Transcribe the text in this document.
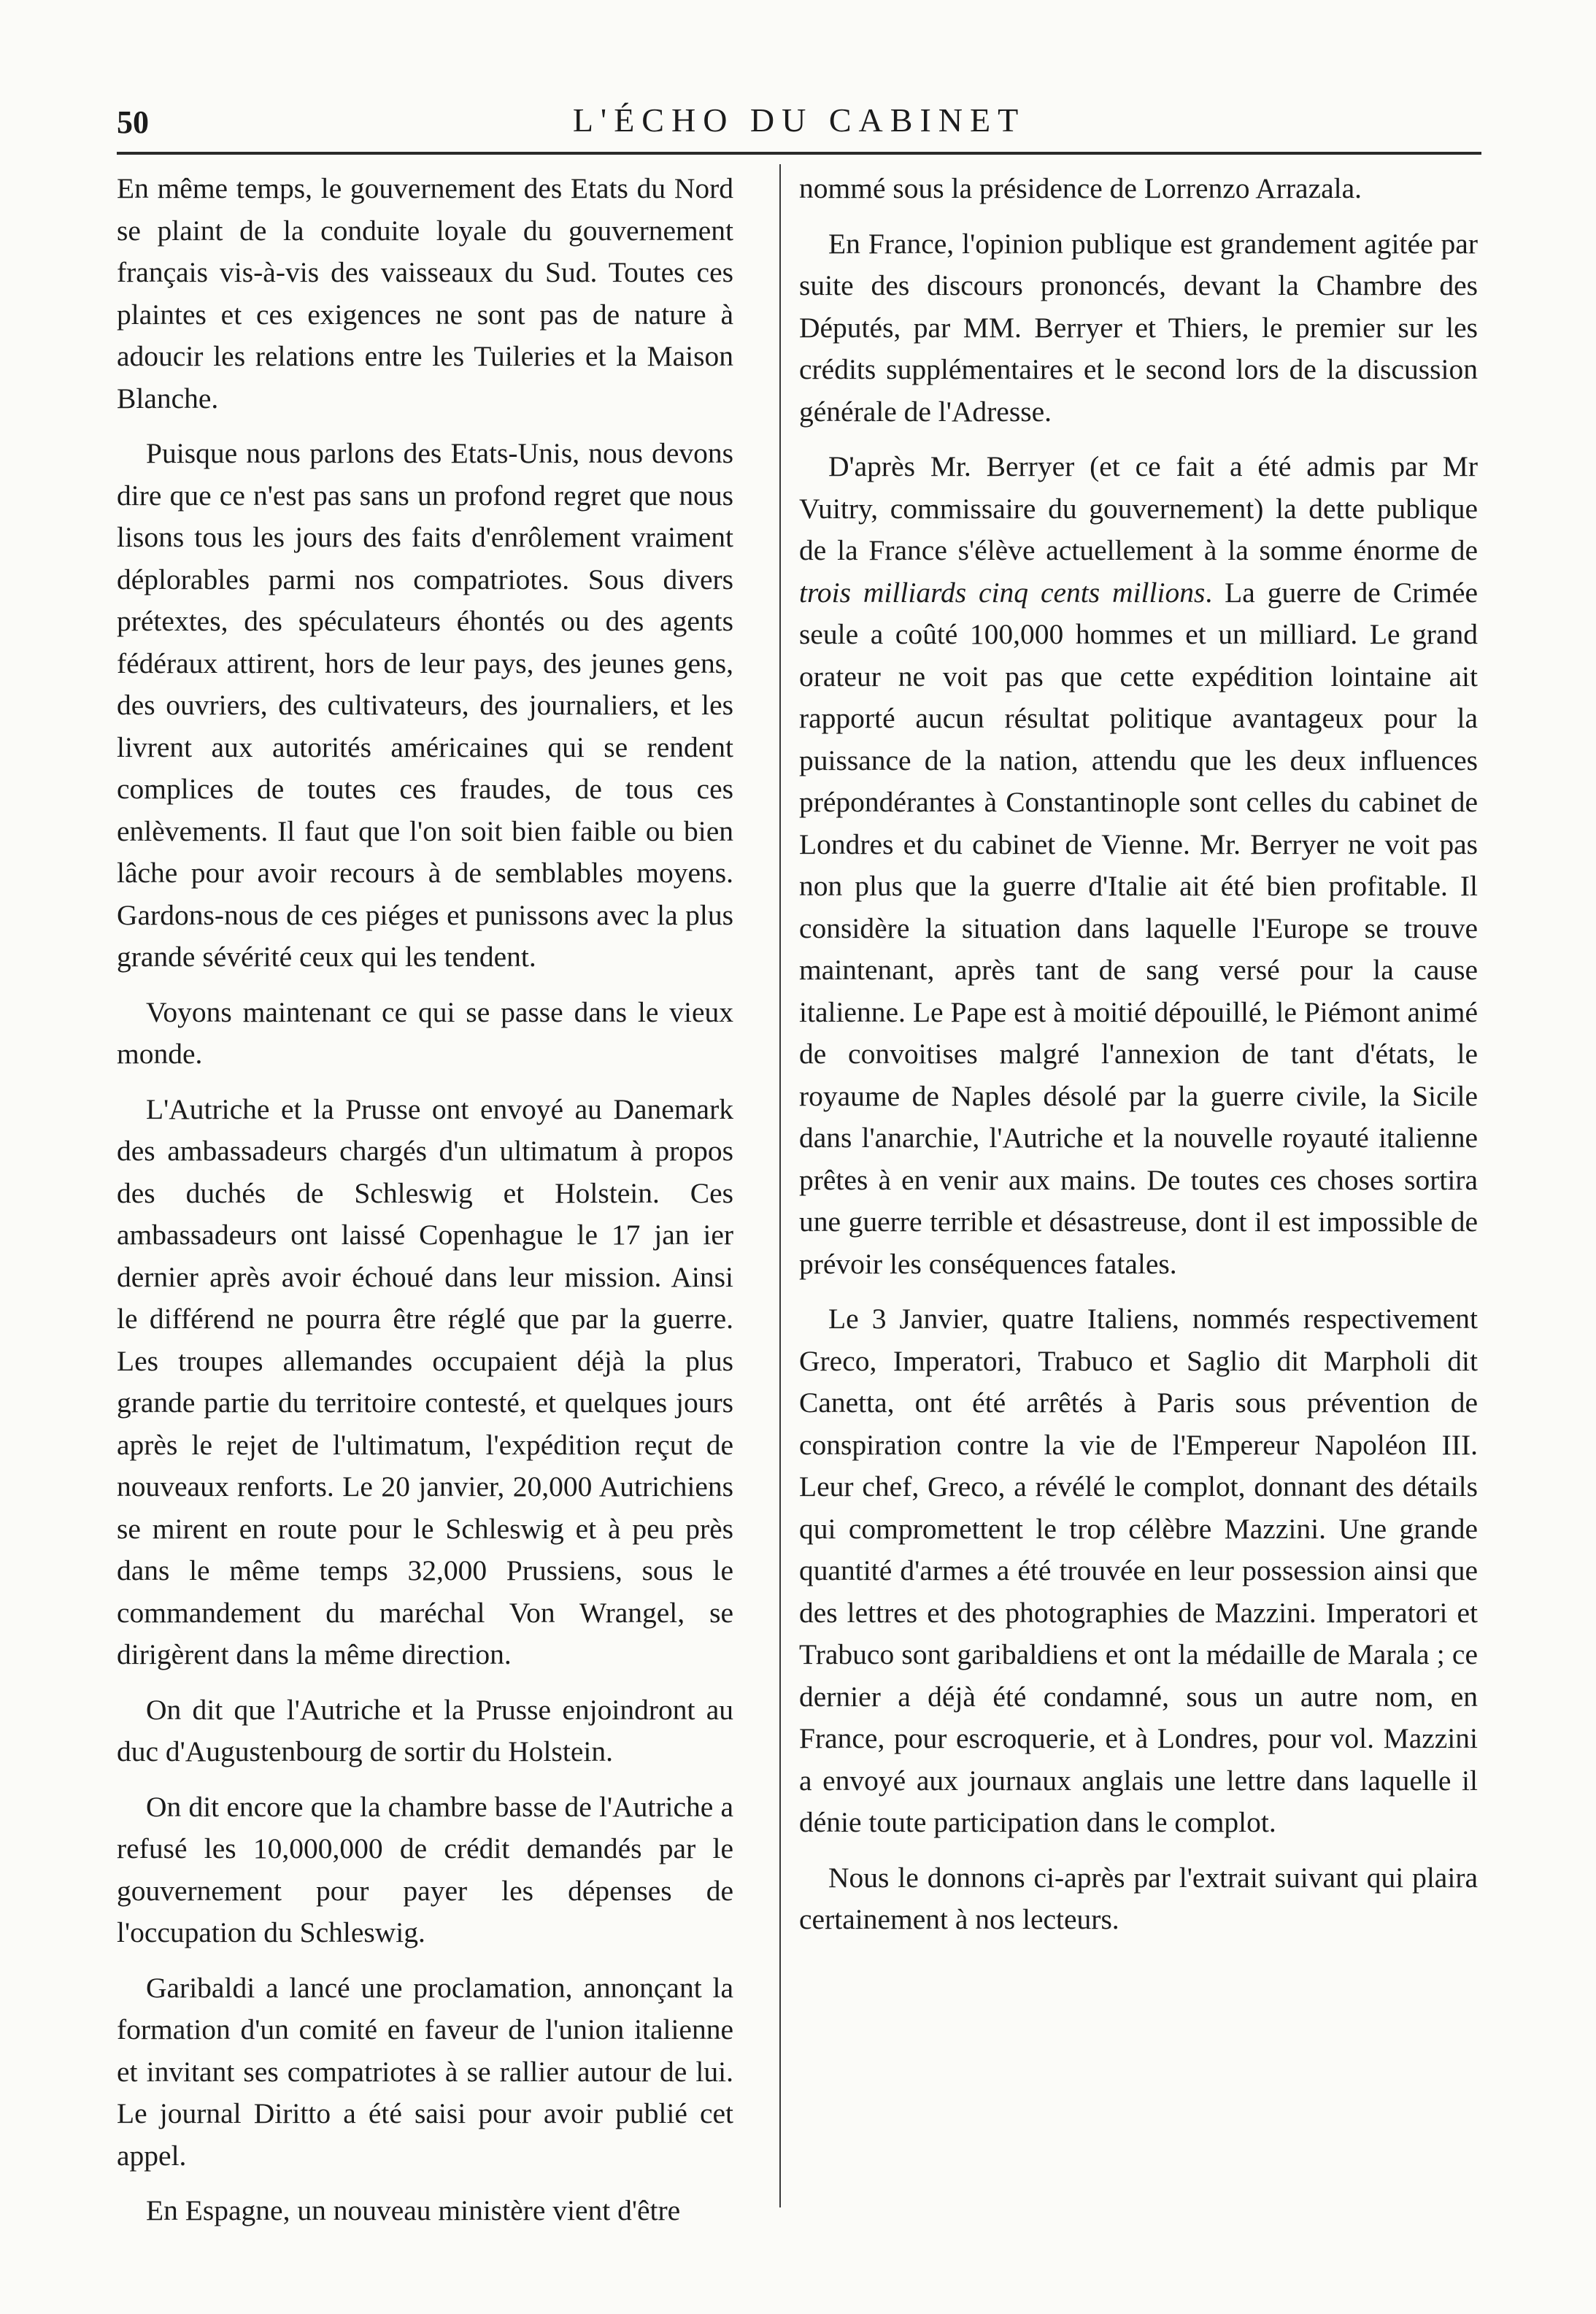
50	L'ÉCHO DU CABINET

En même temps, le gouvernement des Etats du Nord se plaint de la conduite loyale du gouvernement français vis-à-vis des vaisseaux du Sud. Toutes ces plaintes et ces exigences ne sont pas de nature à adoucir les relations entre les Tuileries et la Maison Blanche.

Puisque nous parlons des Etats-Unis, nous devons dire que ce n'est pas sans un profond regret que nous lisons tous les jours des faits d'enrôlement vraiment déplorables parmi nos compatriotes. Sous divers prétextes, des spéculateurs éhontés ou des agents fédéraux attirent, hors de leur pays, des jeunes gens, des ouvriers, des cultivateurs, des journaliers, et les livrent aux autorités américaines qui se rendent complices de toutes ces fraudes, de tous ces enlèvements. Il faut que l'on soit bien faible ou bien lâche pour avoir recours à de semblables moyens. Gardons-nous de ces piéges et punissons avec la plus grande sévérité ceux qui les tendent.

Voyons maintenant ce qui se passe dans le vieux monde.

L'Autriche et la Prusse ont envoyé au Danemark des ambassadeurs chargés d'un ultimatum à propos des duchés de Schleswig et Holstein. Ces ambassadeurs ont laissé Copenhague le 17 jan ier dernier après avoir échoué dans leur mission. Ainsi le différend ne pourra être réglé que par la guerre. Les troupes allemandes occupaient déjà la plus grande partie du territoire contesté, et quelques jours après le rejet de l'ultimatum, l'expédition reçut de nouveaux renforts. Le 20 janvier, 20,000 Autrichiens se mirent en route pour le Schleswig et à peu près dans le même temps 32,000 Prussiens, sous le commandement du maréchal Von Wrangel, se dirigèrent dans la même direction.

On dit que l'Autriche et la Prusse enjoindront au duc d'Augustenbourg de sortir du Holstein.

On dit encore que la chambre basse de l'Autriche a refusé les 10,000,000 de crédit demandés par le gouvernement pour payer les dépenses de l'occupation du Schleswig.

Garibaldi a lancé une proclamation, annonçant la formation d'un comité en faveur de l'union italienne et invitant ses compatriotes à se rallier autour de lui. Le journal Diritto a été saisi pour avoir publié cet appel.

En Espagne, un nouveau ministère vient d'être

nommé sous la présidence de Lorrenzo Arrazala.

En France, l'opinion publique est grandement agitée par suite des discours prononcés, devant la Chambre des Députés, par MM. Berryer et Thiers, le premier sur les crédits supplémentaires et le second lors de la discussion générale de l'Adresse.

D'après Mr. Berryer (et ce fait a été admis par Mr Vuitry, commissaire du gouvernement) la dette publique de la France s'élève actuellement à la somme énorme de trois milliards cinq cents millions. La guerre de Crimée seule a coûté 100,000 hommes et un milliard. Le grand orateur ne voit pas que cette expédition lointaine ait rapporté aucun résultat politique avantageux pour la puissance de la nation, attendu que les deux influences prépondérantes à Constantinople sont celles du cabinet de Londres et du cabinet de Vienne. Mr. Berryer ne voit pas non plus que la guerre d'Italie ait été bien profitable. Il considère la situation dans laquelle l'Europe se trouve maintenant, après tant de sang versé pour la cause italienne. Le Pape est à moitié dépouillé, le Piémont animé de convoitises malgré l'annexion de tant d'états, le royaume de Naples désolé par la guerre civile, la Sicile dans l'anarchie, l'Autriche et la nouvelle royauté italienne prêtes à en venir aux mains. De toutes ces choses sortira une guerre terrible et désastreuse, dont il est impossible de prévoir les conséquences fatales.

Le 3 Janvier, quatre Italiens, nommés respectivement Greco, Imperatori, Trabuco et Saglio dit Marpholi dit Canetta, ont été arrêtés à Paris sous prévention de conspiration contre la vie de l'Empereur Napoléon III. Leur chef, Greco, a révélé le complot, donnant des détails qui compromettent le trop célèbre Mazzini. Une grande quantité d'armes a été trouvée en leur possession ainsi que des lettres et des photographies de Mazzini. Imperatori et Trabuco sont garibaldiens et ont la médaille de Marala ; ce dernier a déjà été condamné, sous un autre nom, en France, pour escroquerie, et à Londres, pour vol. Mazzini a envoyé aux journaux anglais une lettre dans laquelle il dénie toute participation dans le complot.

Nous le donnons ci-après par l'extrait suivant qui plaira certainement à nos lecteurs.
